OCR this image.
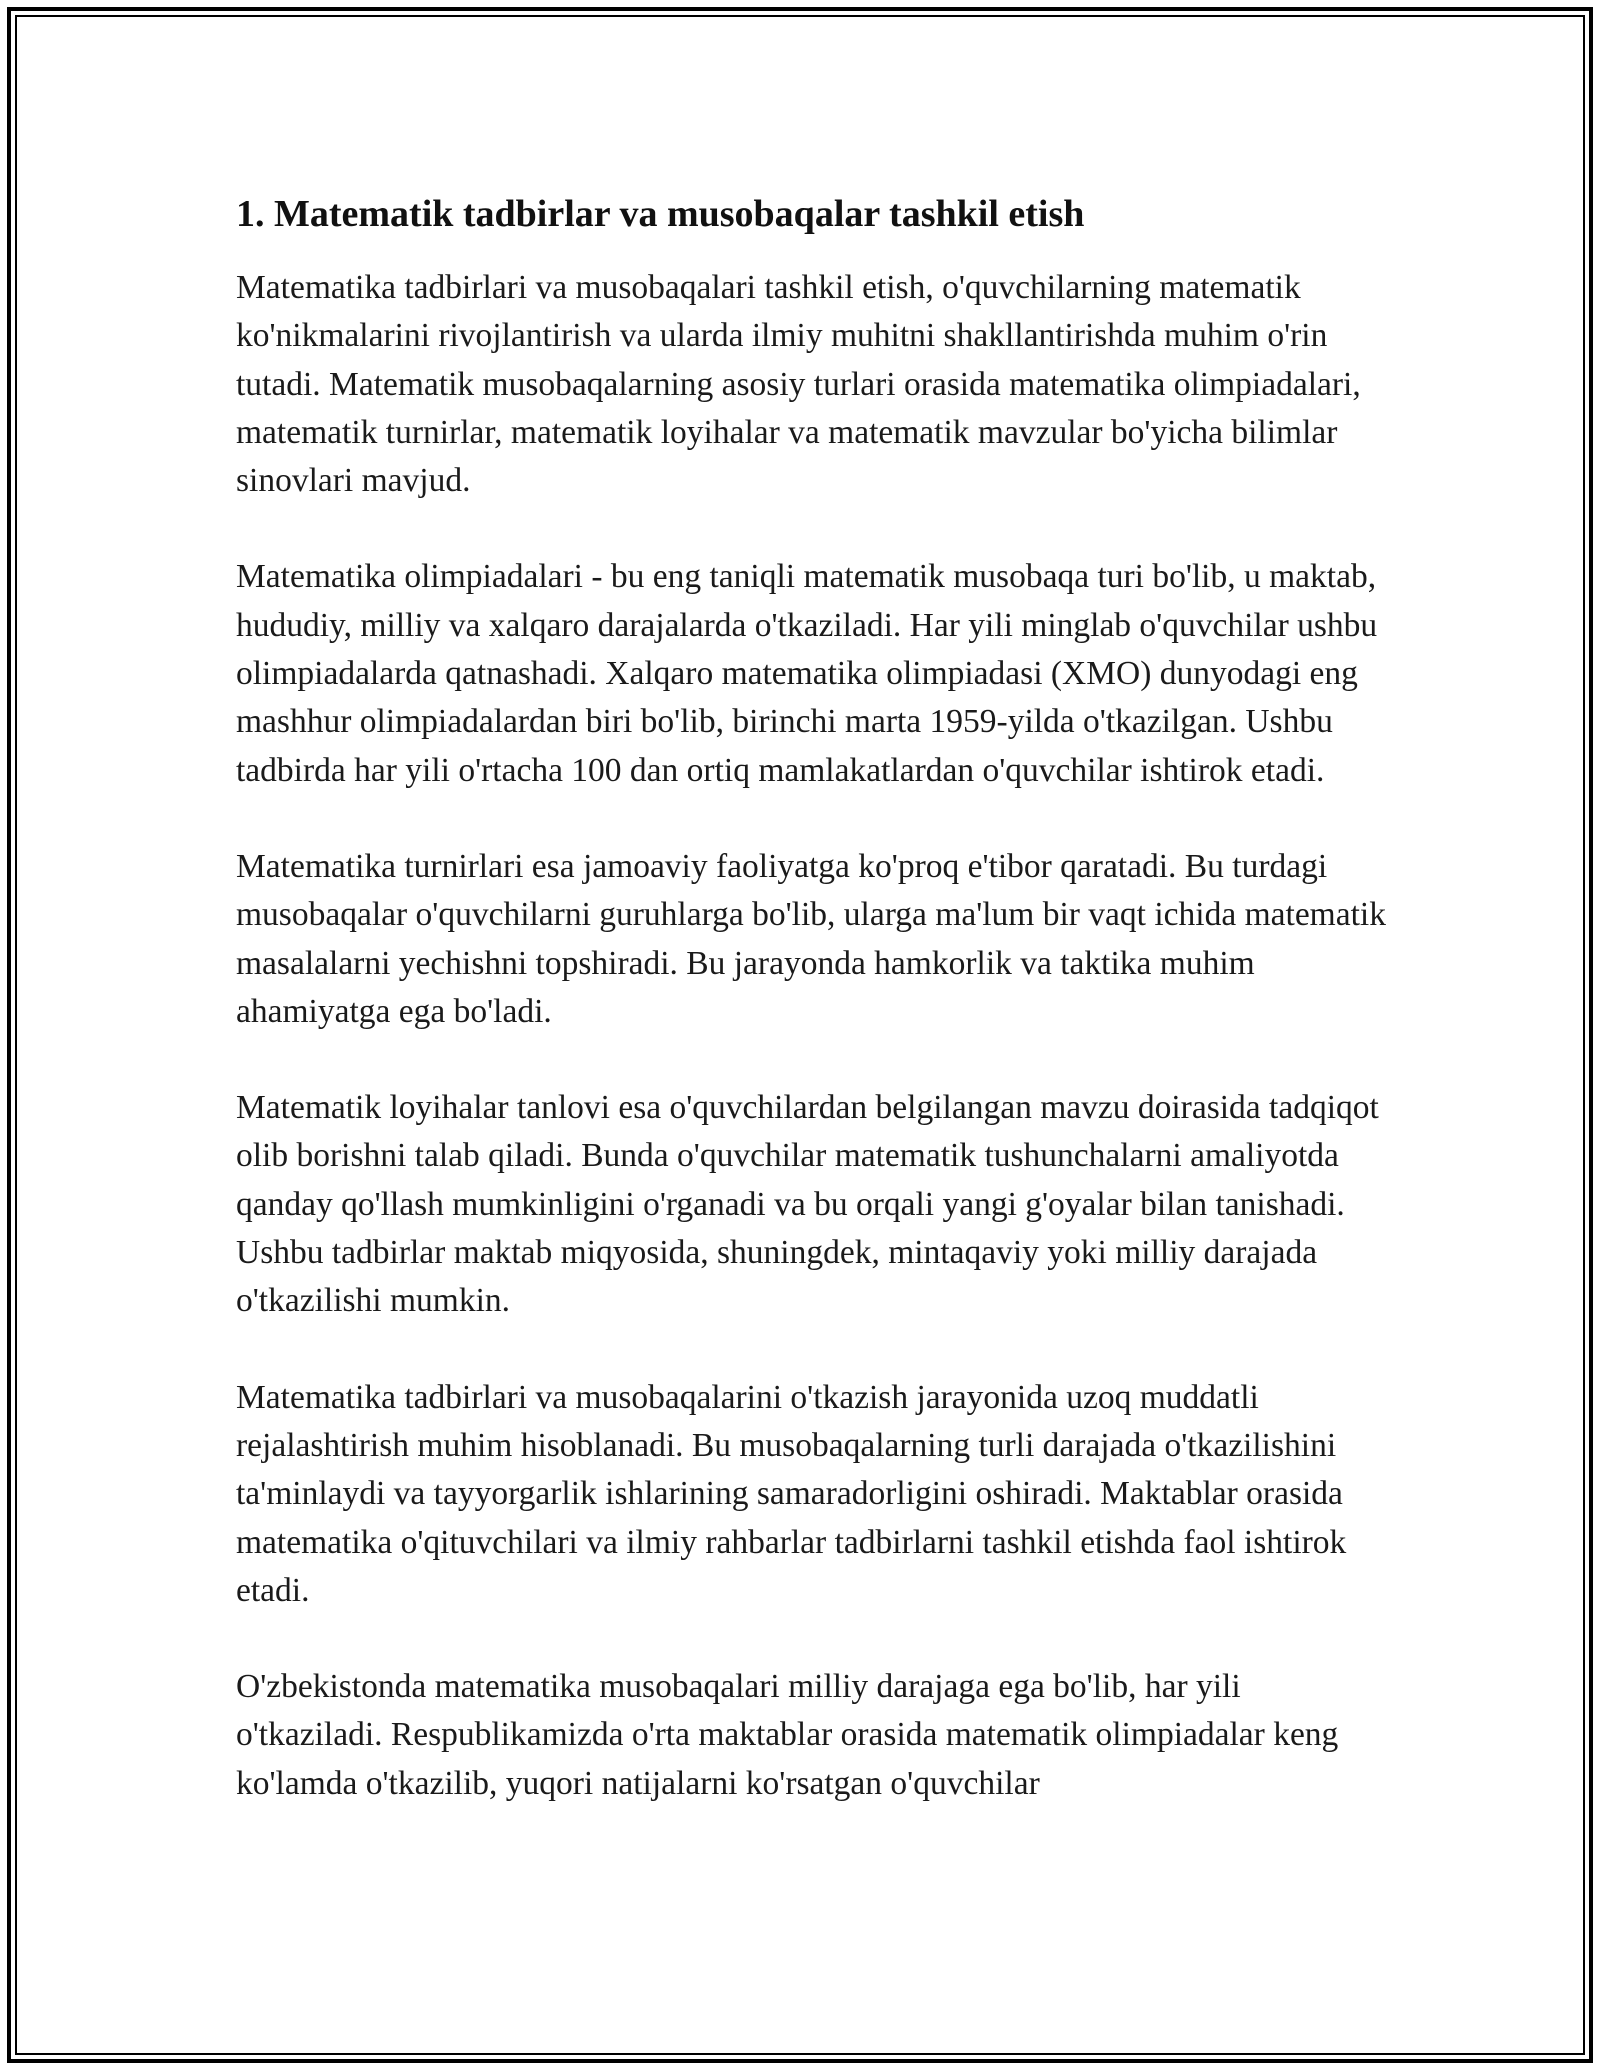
1. Matematik tadbirlar va musobaqalar tashkil etish

Matematika tadbirlari va musobaqalari tashkil etish, o'quvchilarning matematik ko'nikmalarini rivojlantirish va ularda ilmiy muhitni shakllantirishda muhim o'rin tutadi. Matematik musobaqalarning asosiy turlari orasida matematika olimpiadalari, matematik turnirlar, matematik loyihalar va matematik mavzular bo'yicha bilimlar sinovlari mavjud.

Matematika olimpiadalari - bu eng taniqli matematik musobaqa turi bo'lib, u maktab, hududiy, milliy va xalqaro darajalarda o'tkaziladi. Har yili minglab o'quvchilar ushbu olimpiadalarda qatnashadi. Xalqaro matematika olimpiadasi (XMO) dunyodagi eng mashhur olimpiadalardan biri bo'lib, birinchi marta 1959-yilda o'tkazilgan. Ushbu tadbirda har yili o'rtacha 100 dan ortiq mamlakatlardan o'quvchilar ishtirok etadi.

Matematika turnirlari esa jamoaviy faoliyatga ko'proq e'tibor qaratadi. Bu turdagi musobaqalar o'quvchilarni guruhlarga bo'lib, ularga ma'lum bir vaqt ichida matematik masalalarni yechishni topshiradi. Bu jarayonda hamkorlik va taktika muhim ahamiyatga ega bo'ladi.

Matematik loyihalar tanlovi esa o'quvchilardan belgilangan mavzu doirasida tadqiqot olib borishni talab qiladi. Bunda o'quvchilar matematik tushunchalarni amaliyotda qanday qo'llash mumkinligini o'rganadi va bu orqali yangi g'oyalar bilan tanishadi. Ushbu tadbirlar maktab miqyosida, shuningdek, mintaqaviy yoki milliy darajada o'tkazilishi mumkin.

Matematika tadbirlari va musobaqalarini o'tkazish jarayonida uzoq muddatli rejalashtirish muhim hisoblanadi. Bu musobaqalarning turli darajada o'tkazilishini ta'minlaydi va tayyorgarlik ishlarining samaradorligini oshiradi. Maktablar orasida matematika o'qituvchilari va ilmiy rahbarlar tadbirlarni tashkil etishda faol ishtirok etadi.

O'zbekistonda matematika musobaqalari milliy darajaga ega bo'lib, har yili o'tkaziladi. Respublikamizda o'rta maktablar orasida matematik olimpiadalar keng ko'lamda o'tkazilib, yuqori natijalarni ko'rsatgan o'quvchilar
